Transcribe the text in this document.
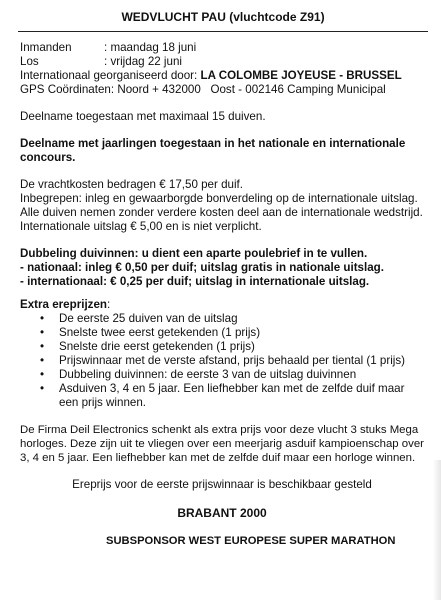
WEDVLUCHT PAU (vluchtcode Z91)
Inmanden	: maandag 18 juni
Los	: vrijdag 22 juni
Internationaal georganiseerd door: LA COLOMBE JOYEUSE - BRUSSEL
GPS Coördinaten: Noord + 432000   Oost - 002146 Camping Municipal

Deelname toegestaan met maximaal 15 duiven.

Deelname met jaarlingen toegestaan in het nationale en internationale concours.

De vrachtkosten bedragen € 17,50 per duif.

Inbegrepen: inleg en gewaarborgde bonverdeling op de internationale uitslag. Alle duiven nemen zonder verdere kosten deel aan de internationale wedstrijd. Internationale uitslag € 5,00 en is niet verplicht.

Dubbeling duivinnen: u dient een aparte poulebrief in te vullen.

- nationaal: inleg € 0,50 per duif; uitslag gratis in nationale uitslag.

- internationaal: € 0,25 per duif; uitslag in internationale uitslag.

Extra ereprijzen:

• De eerste 25 duiven van de uitslag
• Snelste twee eerst getekenden (1 prijs)
• Snelste drie eerst getekenden (1 prijs)
• Prijswinnaar met de verste afstand, prijs behaald per tiental (1 prijs)
• Dubbeling duivinnen: de eerste 3 van de uitslag duivinnen
• Asduiven 3, 4 en 5 jaar. Een liefhebber kan met de zelfde duif maar een prijs winnen.

De Firma Deil Electronics schenkt als extra prijs voor deze vlucht 3 stuks Mega horloges. Deze zijn uit te vliegen over een meerjarig asduif kampioenschap over 3, 4 en 5 jaar. Een liefhebber kan met de zelfde duif maar een horloge winnen.

Ereprijs voor de eerste prijswinnaar is beschikbaar gesteld

BRABANT 2000
SUBSPONSOR WEST EUROPESE SUPER MARATHON
